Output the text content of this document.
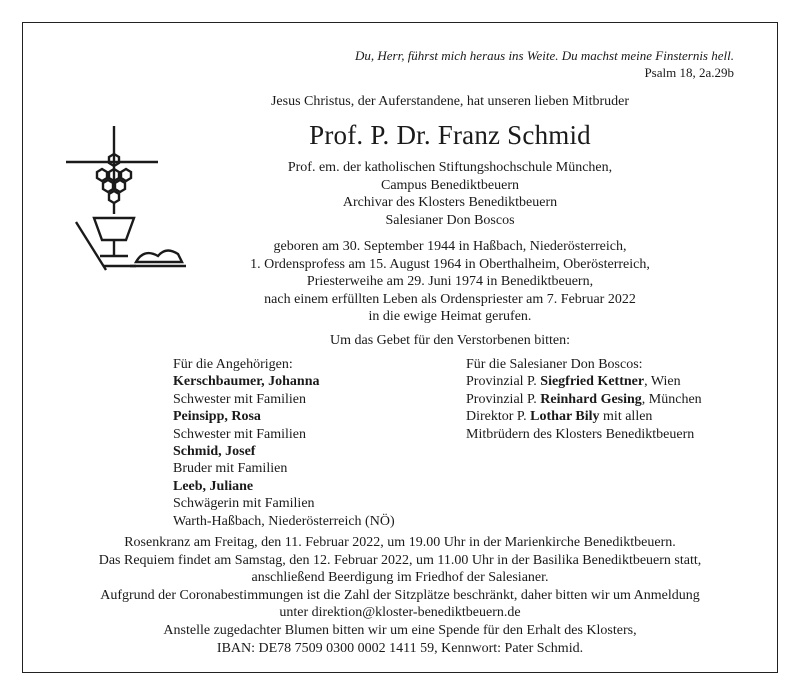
Du, Herr, führst mich heraus ins Weite. Du machst meine Finsternis hell.
Psalm 18, 2a.29b
Jesus Christus, der Auferstandene, hat unseren lieben Mitbruder
Prof. P. Dr. Franz Schmid
Prof. em. der katholischen Stiftungshochschule München,
Campus Benediktbeuern
Archivar des Klosters Benediktbeuern
Salesianer Don Boscos
geboren am 30. September 1944 in Haßbach, Niederösterreich,
1. Ordensprofess am 15. August 1964 in Oberthalheim, Oberösterreich,
Priesterweihe am 29. Juni 1974 in Benediktbeuern,
nach einem erfüllten Leben als Ordenspriester am 7. Februar 2022
in die ewige Heimat gerufen.
Um das Gebet für den Verstorbenen bitten:
Für die Angehörigen:
Kerschbaumer, Johanna
Schwester mit Familien
Peinsipp, Rosa
Schwester mit Familien
Schmid, Josef
Bruder mit Familien
Leeb, Juliane
Schwägerin mit Familien
Warth-Haßbach, Niederösterreich (NÖ)
Für die Salesianer Don Boscos:
Provinzial P. Siegfried Kettner, Wien
Provinzial P. Reinhard Gesing, München
Direktor P. Lothar Bily mit allen
Mitbrüdern des Klosters Benediktbeuern
Rosenkranz am Freitag, den 11. Februar 2022, um 19.00 Uhr in der Marienkirche Benediktbeuern.
Das Requiem findet am Samstag, den 12. Februar 2022, um 11.00 Uhr in der Basilika Benediktbeuern statt,
anschließend Beerdigung im Friedhof der Salesianer.
Aufgrund der Coronabestimmungen ist die Zahl der Sitzplätze beschränkt, daher bitten wir um Anmeldung
unter direktion@kloster-benediktbeuern.de
Anstelle zugedachter Blumen bitten wir um eine Spende für den Erhalt des Klosters,
IBAN: DE78 7509 0300 0002 1411 59, Kennwort: Pater Schmid.
